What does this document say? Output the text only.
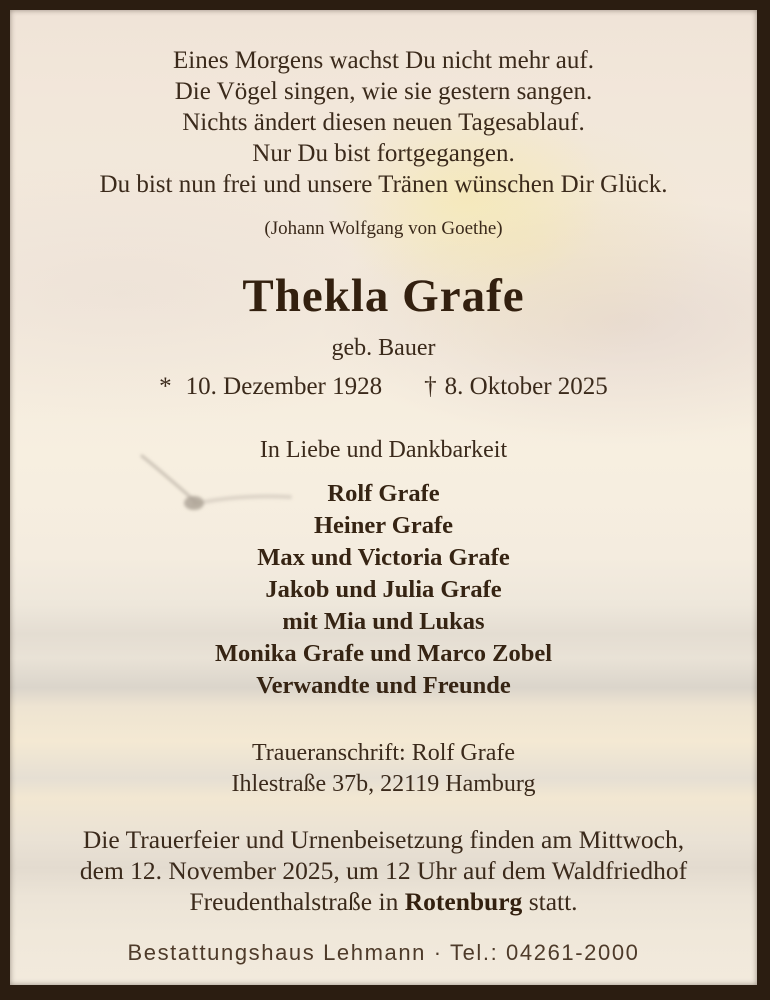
Eines Morgens wachst Du nicht mehr auf.
Die Vögel singen, wie sie gestern sangen.
Nichts ändert diesen neuen Tagesablauf.
Nur Du bist fortgegangen.
Du bist nun frei und unsere Tränen wünschen Dir Glück.
(Johann Wolfgang von Goethe)
Thekla Grafe
geb. Bauer
* 10. Dezember 1928 † 8. Oktober 2025
In Liebe und Dankbarkeit
Rolf Grafe
Heiner Grafe
Max und Victoria Grafe
Jakob und Julia Grafe
mit Mia und Lukas
Monika Grafe und Marco Zobel
Verwandte und Freunde
Traueranschrift: Rolf Grafe
Ihlestraße 37b, 22119 Hamburg
Die Trauerfeier und Urnenbeisetzung finden am Mittwoch,
dem 12. November 2025, um 12 Uhr auf dem Waldfriedhof
Freudenthalstraße in Rotenburg statt.
Bestattungshaus Lehmann · Tel.: 04261-2000
